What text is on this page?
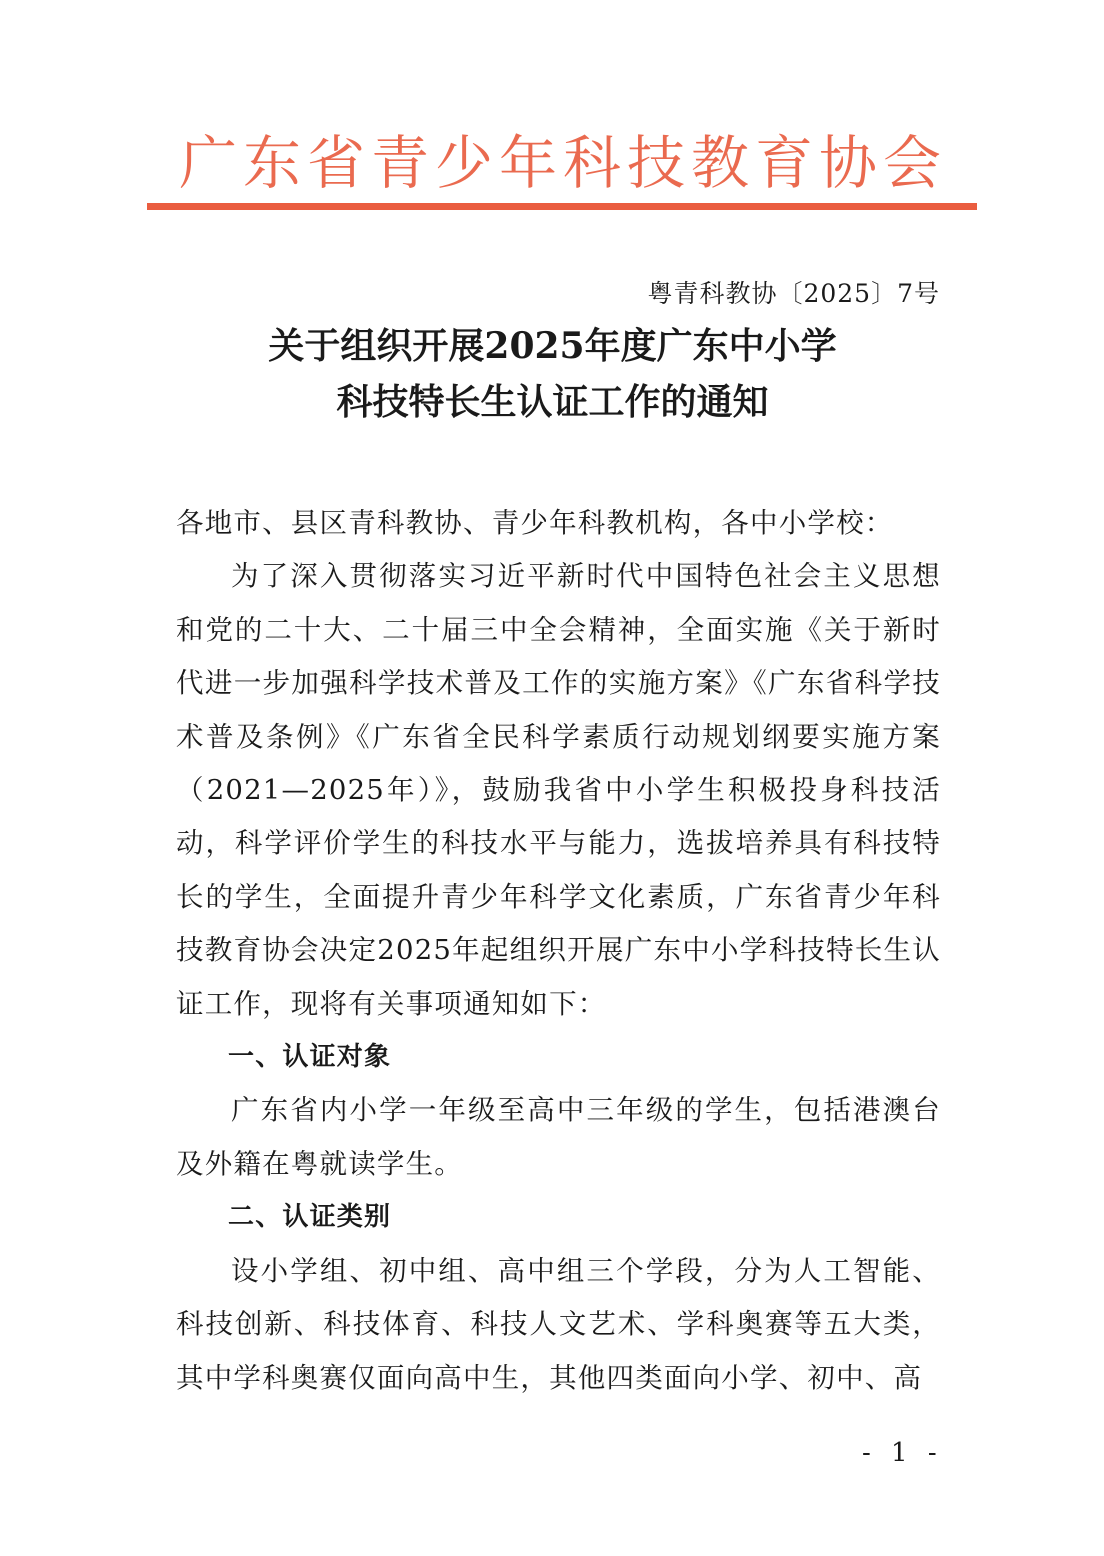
广东省青少年科技教育协会
粤青科教协〔2025〕7号
关于组织开展2025年度广东中小学
科技特长生认证工作的通知

各地市、县区青科教协、青少年科教机构，各中小学校：

为了深入贯彻落实习近平新时代中国特色社会主义思想和党的二十大、二十届三中全会精神，全面实施《关于新时代进一步加强科学技术普及工作的实施方案》《广东省科学技术普及条例》《广东省全民科学素质行动规划纲要实施方案（2021—2025年）》，鼓励我省中小学生积极投身科技活动，科学评价学生的科技水平与能力，选拔培养具有科技特长的学生，全面提升青少年科学文化素质，广东省青少年科技教育协会决定2025年起组织开展广东中小学科技特长生认证工作，现将有关事项通知如下：

一、认证对象

广东省内小学一年级至高中三年级的学生，包括港澳台及外籍在粤就读学生。

二、认证类别

设小学组、初中组、高中组三个学段，分为人工智能、科技创新、科技体育、科技人文艺术、学科奥赛等五大类，其中学科奥赛仅面向高中生，其他四类面向小学、初中、高

- 1 -
